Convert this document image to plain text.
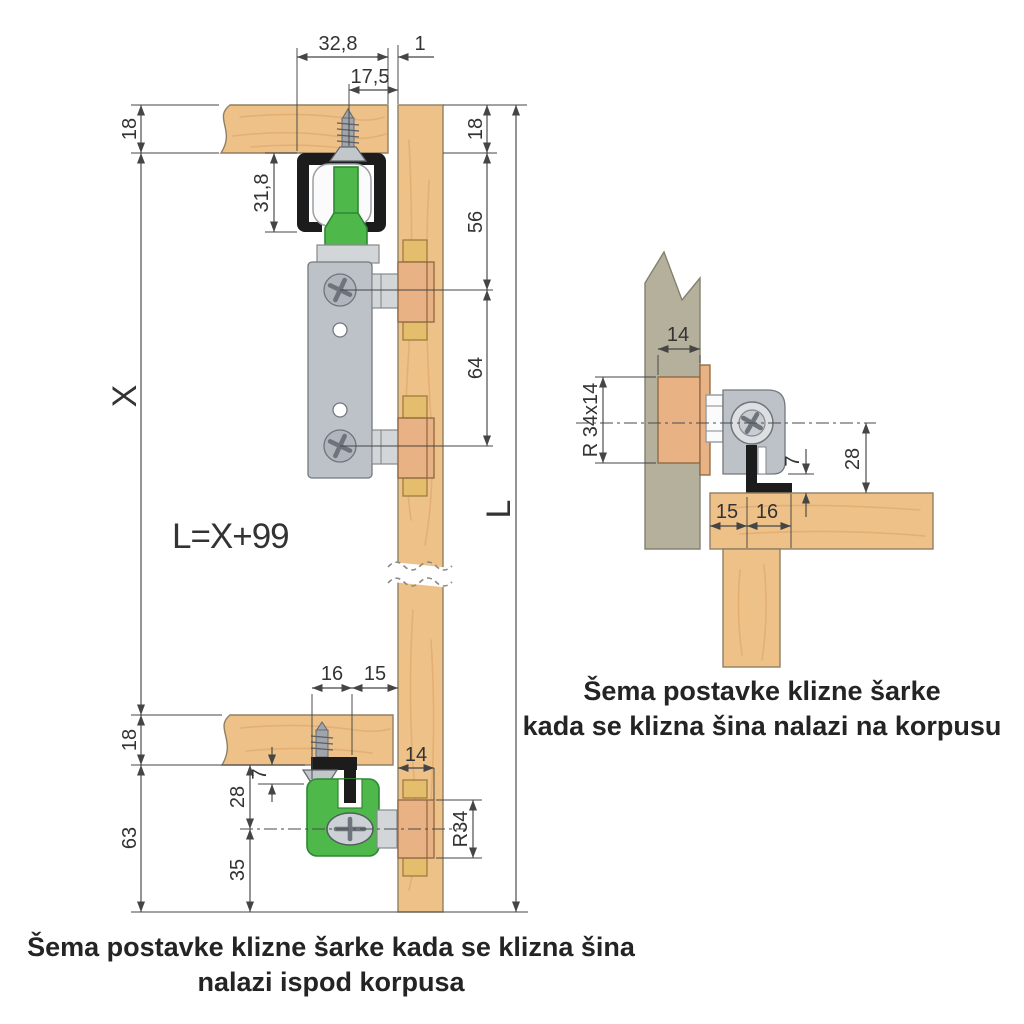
32,8
17,5
1
18
X
31,8
18
56
64
L
L=X+99
16 15
18
63
28
35
7
14
R34
Šema postavke klizne šarke kada se klizna šina
nalazi ispod korpusa
14
R 34x14
7 28
15 16
Šema postavke klizne šarke
kada se klizna šina nalazi na korpusu
